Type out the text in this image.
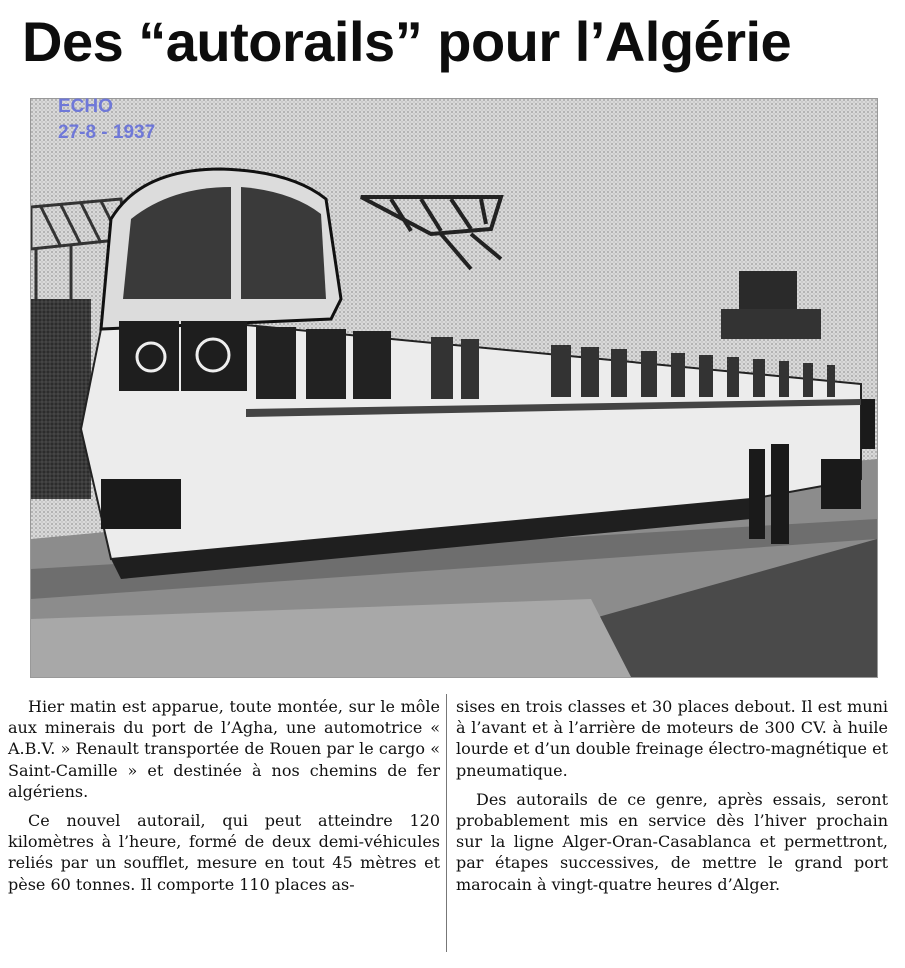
Des “autorails” pour l’Algérie
ECHO
27-8 - 1937

Hier matin est apparue, toute montée, sur le môle aux minerais du port de l’Agha, une automotrice « A.B.V. » Renault transportée de Rouen par le cargo « Saint-Camille » et destinée à nos chemins de fer algériens.

Ce nouvel autorail, qui peut atteindre 120 kilomètres à l’heure, formé de deux demi-véhicules reliés par un soufflet, mesure en tout 45 mètres et pèse 60 tonnes. Il comporte 110 places as-

sises en trois classes et 30 places debout. Il est muni à l’avant et à l’arrière de moteurs de 300 CV. à huile lourde et d’un double freinage électro-magnétique et pneumatique.

Des autorails de ce genre, après essais, seront probablement mis en service dès l’hiver prochain sur la ligne Alger-Oran-Casablanca et permettront, par étapes successives, de mettre le grand port marocain à vingt-quatre heures d’Alger.
